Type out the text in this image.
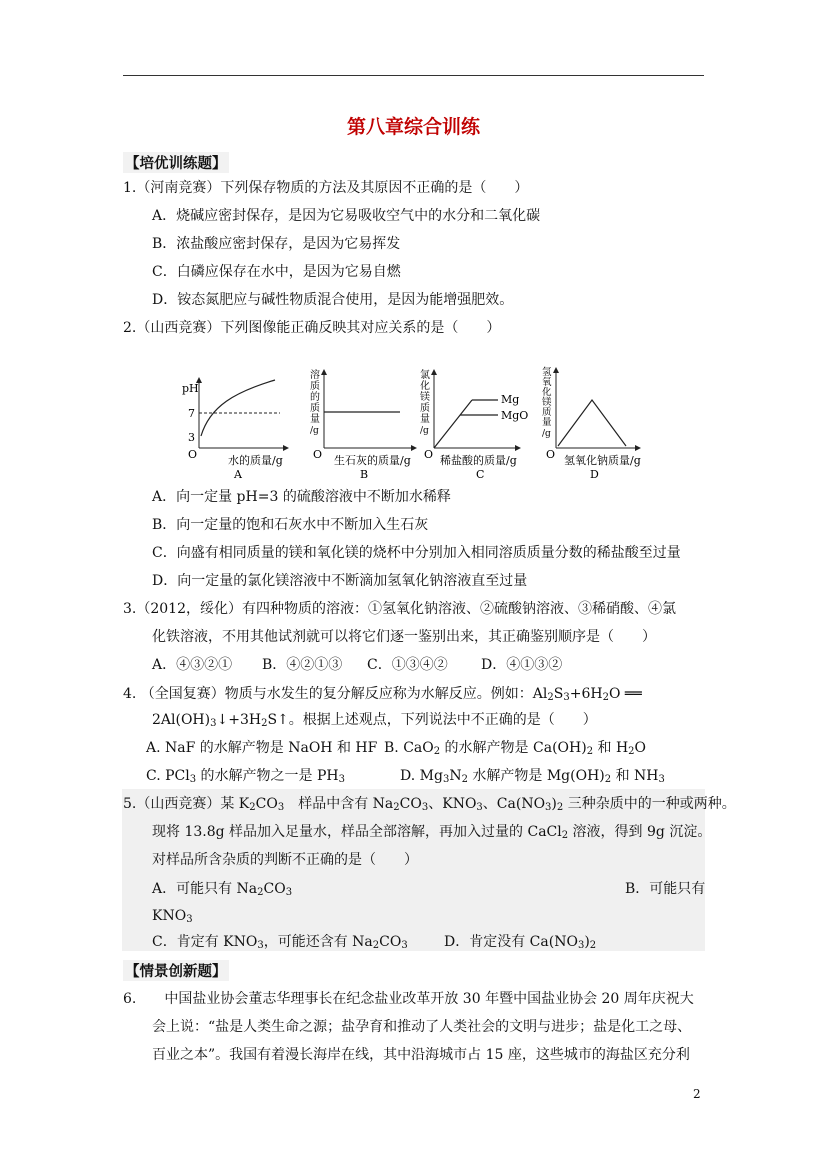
第八章综合训练
【培优训练题】
1.（河南竞赛）下列保存物质的方法及其原因不正确的是（　　）
A．烧碱应密封保存，是因为它易吸收空气中的水分和二氧化碳
B．浓盐酸应密封保存，是因为它易挥发
C．白磷应保存在水中，是因为它易自燃
D．铵态氮肥应与碱性物质混合使用，是因为能增强肥效。
2.（山西竞赛）下列图像能正确反映其对应关系的是（　　）
pH
7
3
O	水的质量/g
A
溶
质
的
质
量
/g
O 生石灰的质量/g
B
氯
化
镁
质
量
/g
Mg
MgO
O 稀盐酸的质量/g
C
氢
氧
化
镁
质
量
/g
O 氢氧化钠质量/g
D
A．向一定量 pH=3 的硫酸溶液中不断加水稀释
B．向一定量的饱和石灰水中不断加入生石灰
C．向盛有相同质量的镁和氧化镁的烧杯中分别加入相同溶质质量分数的稀盐酸至过量
D．向一定量的氯化镁溶液中不断滴加氢氧化钠溶液直至过量
3.（2012，绥化）有四种物质的溶液：①氢氧化钠溶液、②硫酸钠溶液、③稀硝酸、④氯
化铁溶液，不用其他试剂就可以将它们逐一鉴别出来，其正确鉴别顺序是（　　）
A．④③②① B．④②①③ C．①③④② D．④①③②
4. （全国复赛）物质与水发生的复分解反应称为水解反应。例如：$Al_2S_3+6H_2O$ ══
$2Al(OH)_3↓+3H_2S↑$。根据上述观点，下列说法中不正确的是（　　）
A. NaF 的水解产物是 NaOH 和 HF B. CaO$_2$ 的水解产物是 $Ca(OH)_2$ 和 $H_2O$
C. PCl$_3$ 的水解产物之一是 $PH_3$	D. $Mg_3N_2$ 水解产物是 $Mg(OH)_2$ 和 $NH_3$
5.（山西竞赛）某 $K_2CO_3$　样品中含有 $Na_2CO_3$、$KNO_3$、$Ca(NO_3)_2$ 三种杂质中的一种或两种。
现将 13.8g 样品加入足量水，样品全部溶解，再加入过量的 CaCl$_2$ 溶液，得到 9g 沉淀。
对样品所含杂质的判断不正确的是（　　）
A．可能只有 $Na_2CO_3$	B．可能只有
$KNO_3$
C．肯定有 $KNO_3$，可能还含有 $Na_2CO_3$	D．肯定没有 $Ca(NO_3)_2$
【情景创新题】
6.　　中国盐业协会董志华理事长在纪念盐业改革开放 30 年暨中国盐业协会 20 周年庆祝大
会上说：“盐是人类生命之源；盐孕育和推动了人类社会的文明与进步；盐是化工之母、
百业之本”。我国有着漫长海岸在线，其中沿海城市占 15 座，这些城市的海盐区充分利
2
